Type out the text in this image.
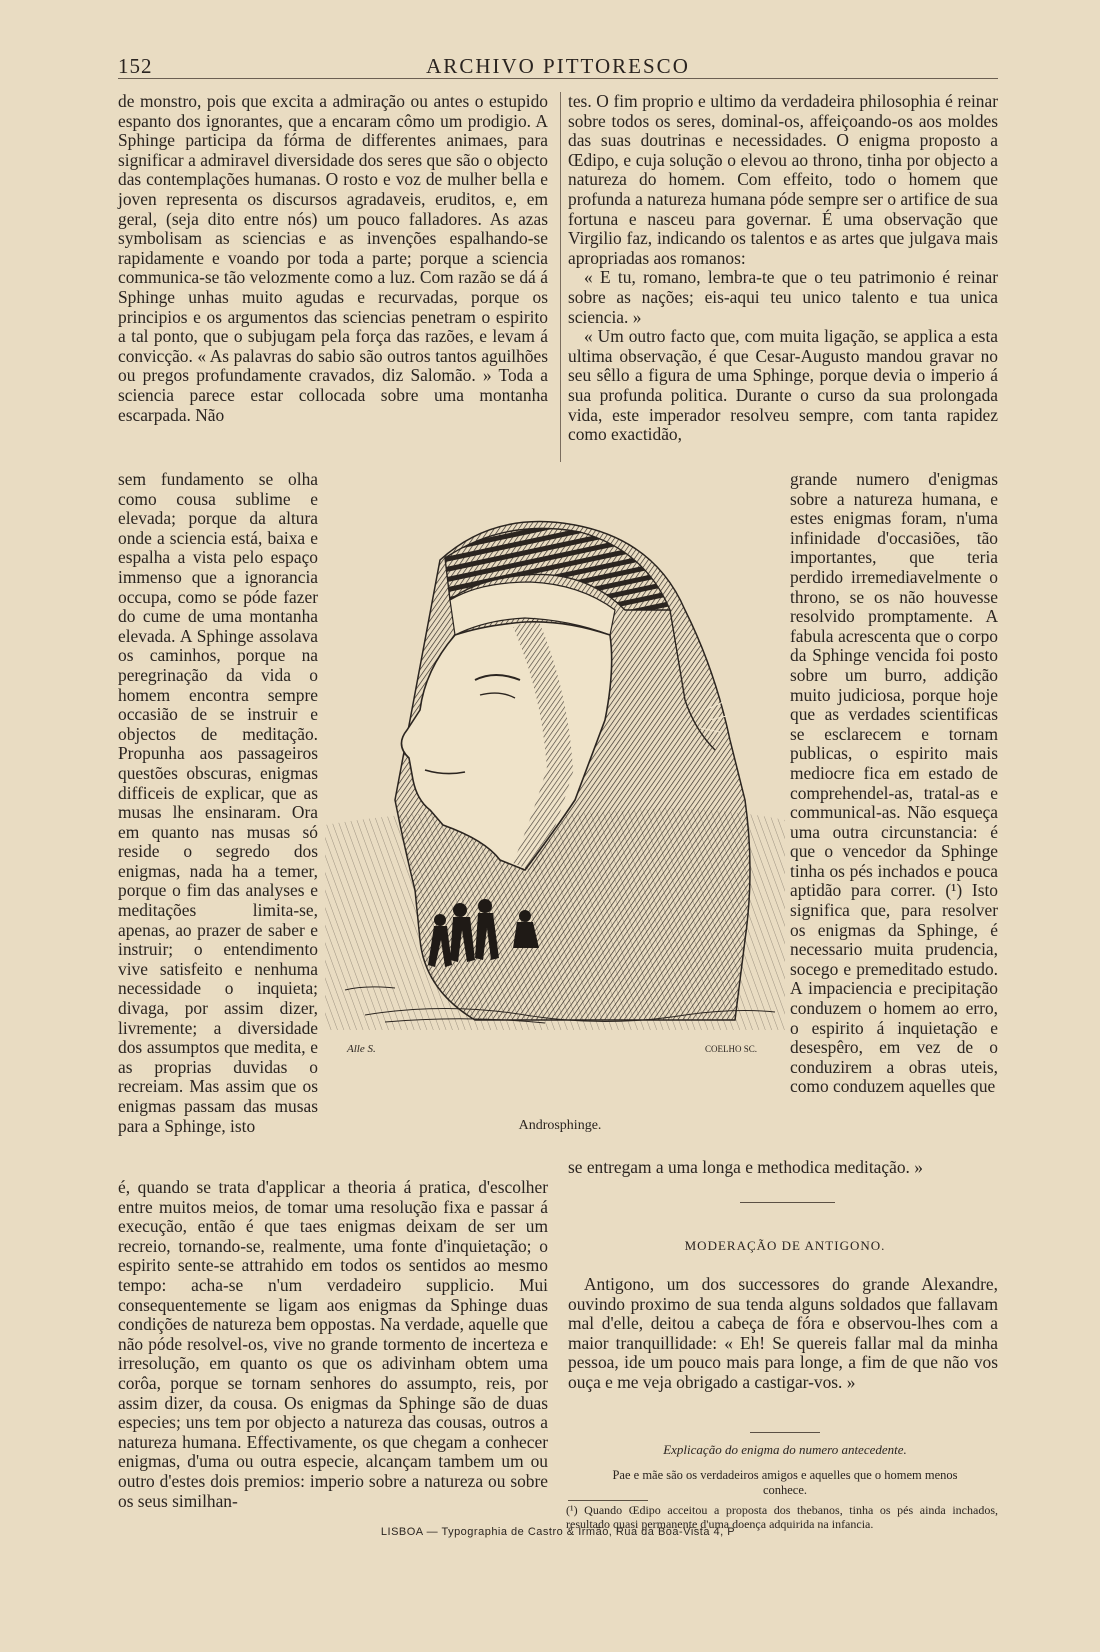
152	ARCHIVO PITTORESCO

de monstro, pois que excita a admiração ou antes o estupido espanto dos ignorantes, que a encaram cômo um prodigio. A Sphinge participa da fórma de differentes animaes, para significar a admiravel diversidade dos seres que são o objecto das contemplações humanas. O rosto e voz de mulher bella e joven representa os discursos agradaveis, eruditos, e, em geral, (seja dito entre nós) um pouco falladores. As azas symbolisam as sciencias e as invenções espalhando-se rapidamente e voando por toda a parte; porque a sciencia communica-se tão velozmente como a luz. Com razão se dá á Sphinge unhas muito agudas e recurvadas, porque os principios e os argumentos das sciencias penetram o espirito a tal ponto, que o subjugam pela força das razões, e levam á convicção. « As palavras do sabio são outros tantos aguilhões ou pregos profundamente cravados, diz Salomão. » Toda a sciencia parece estar collocada sobre uma montanha escarpada. Não

sem fundamento se olha como cousa sublime e elevada; porque da altura onde a sciencia está, baixa e espalha a vista pelo espaço immenso que a ignorancia occupa, como se póde fazer do cume de uma montanha elevada. A Sphinge assolava os caminhos, porque na peregrinação da vida o homem encontra sempre occasião de se instruir e objectos de meditação. Propunha aos passageiros questões obscuras, enigmas difficeis de explicar, que as musas lhe ensinaram. Ora em quanto nas musas só reside o segredo dos enigmas, nada ha a temer, porque o fim das analyses e meditações limita-se, apenas, ao prazer de saber e instruir; o entendimento vive satisfeito e nenhuma necessidade o inquieta; divaga, por assim dizer, livremente; a diversidade dos assumptos que medita, e as proprias duvidas o recreiam. Mas assim que os enigmas passam das musas para a Sphinge, isto

é, quando se trata d'applicar a theoria á pratica, d'escolher entre muitos meios, de tomar uma resolução fixa e passar á execução, então é que taes enigmas deixam de ser um recreio, tornando-se, realmente, uma fonte d'inquietação; o espirito sente-se attrahido em todos os sentidos ao mesmo tempo: acha-se n'um verdadeiro supplicio. Mui consequentemente se ligam aos enigmas da Sphinge duas condições de natureza bem oppostas. Na verdade, aquelle que não póde resolvel-os, vive no grande tormento de incerteza e irresolução, em quanto os que os adivinham obtem uma corôa, porque se tornam senhores do assumpto, reis, por assim dizer, da cousa. Os enigmas da Sphinge são de duas especies; uns tem por objecto a natureza das cousas, outros a natureza humana. Effectivamente, os que chegam a conhecer enigmas, d'uma ou outra especie, alcançam tambem um ou outro d'estes dois premios: imperio sobre a natureza ou sobre os seus similhan-

tes. O fim proprio e ultimo da verdadeira philosophia é reinar sobre todos os seres, dominal-os, affeiçoando-os aos moldes das suas doutrinas e necessidades. O enigma proposto a Œdipo, e cuja solução o elevou ao throno, tinha por objecto a natureza do homem. Com effeito, todo o homem que profunda a natureza humana póde sempre ser o artifice de sua fortuna e nasceu para governar. É uma observação que Virgilio faz, indicando os talentos e as artes que julgava mais apropriadas aos romanos:

« E tu, romano, lembra-te que o teu patrimonio é reinar sobre as nações; eis-aqui teu unico talento e tua unica sciencia. »

« Um outro facto que, com muita ligação, se applica a esta ultima observação, é que Cesar-Augusto mandou gravar no seu sêllo a figura de uma Sphinge, porque devia o imperio á sua profunda politica. Durante o curso da sua prolongada vida, este imperador resolveu sempre, com tanta rapidez como exactidão,

grande numero d'enigmas sobre a natureza humana, e estes enigmas foram, n'uma infinidade d'occasiões, tão importantes, que teria perdido irremediavelmente o throno, se os não houvesse resolvido promptamente. A fabula acrescenta que o corpo da Sphinge vencida foi posto sobre um burro, addição muito judiciosa, porque hoje que as verdades scientificas se esclarecem e tornam publicas, o espirito mais mediocre fica em estado de comprehendel-as, tratal-as e communical-as. Não esqueça uma outra circunstancia: é que o vencedor da Sphinge tinha os pés inchados e pouca aptidão para correr. (¹) Isto significa que, para resolver os enigmas da Sphinge, é necessario muita prudencia, socego e premeditado estudo. A impaciencia e precipitação conduzem o homem ao erro, o espirito á inquietação e desespêro, em vez de o conduzirem a obras uteis, como conduzem aquelles que

se entregam a uma longa e methodica meditação. »

Alle S.	COELHO SC.
Androsphinge.
MODERAÇÃO DE ANTIGONO.

Antigono, um dos successores do grande Alexandre, ouvindo proximo de sua tenda alguns soldados que fallavam mal d'elle, deitou a cabeça de fóra e observou-lhes com a maior tranquillidade: « Eh! Se quereis fallar mal da minha pessoa, ide um pouco mais para longe, a fim de que não vos ouça e me veja obrigado a castigar-vos. »

Explicação do enigma do numero antecedente.
Pae e mãe são os verdadeiros amigos e aquelles que o homem menos conhece.
(¹) Quando Œdipo acceitou a proposta dos thebanos, tinha os pés ainda inchados, resultado quasi permanente d'uma doença adquirida na infancia.
LISBOA — Typographia de Castro & Irmão, Rua da Boa-Vista 4, P
